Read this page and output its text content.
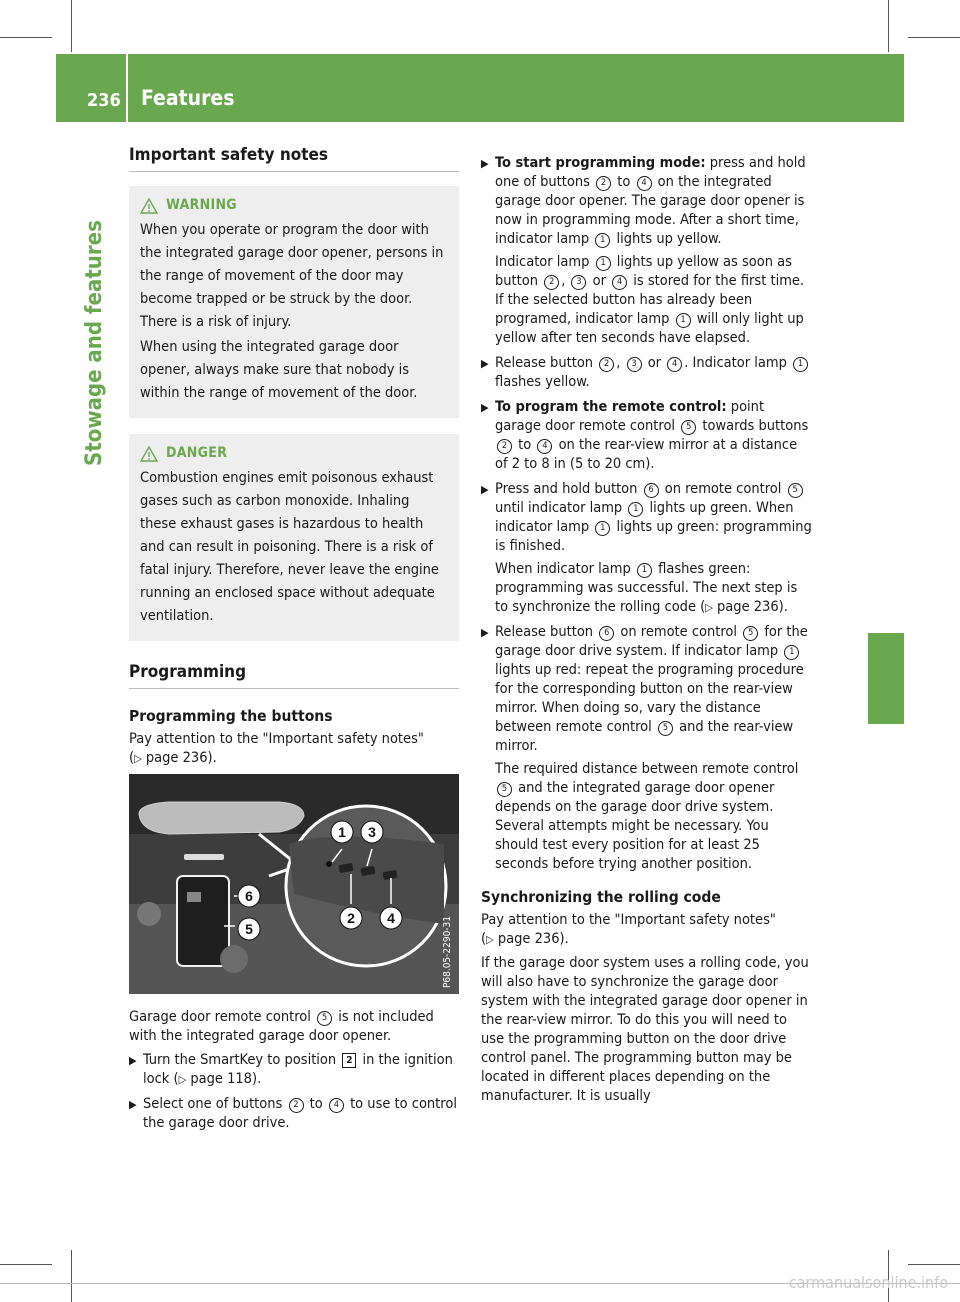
236 Features
Stowage and features
Important safety notes
WARNING

When you operate or program the door with the integrated garage door opener, persons in the range of movement of the door may become trapped or be struck by the door. There is a risk of injury.

When using the integrated garage door opener, always make sure that nobody is within the range of movement of the door.

DANGER

Combustion engines emit poisonous exhaust gases such as carbon monoxide. Inhaling these exhaust gases is hazardous to health and can result in poisoning. There is a risk of fatal injury. Therefore, never leave the engine running an enclosed space without adequate ventilation.

Programming
Programming the buttons

Pay attention to the "Important safety notes"
(▷ page 236).

1 3
2 4
6
5	P68.05-2290-31

Garage door remote control 5 is not included with the integrated garage door opener.

▶ Turn the SmartKey to position 2 in the ignition lock (▷ page 118).
▶ Select one of buttons 2 to 4 to use to control the garage door drive.
▶ To start programming mode: press and hold one of buttons 2 to 4 on the integrated garage door opener. The garage door opener is now in programming mode. After a short time, indicator lamp 1 lights up yellow.
Indicator lamp 1 lights up yellow as soon as button 2 , 3 or 4 is stored for the first time. If the selected button has already been programed, indicator lamp 1 will only light up yellow after ten seconds have elapsed.
▶ Release button 2 , 3 or 4 . Indicator lamp 1 flashes yellow.
▶ To program the remote control: point garage door remote control 5 towards buttons 2 to 4 on the rear-view mirror at a distance of 2 to 8 in (5 to 20 cm).
▶ Press and hold button 6 on remote control 5 until indicator lamp 1 lights up green. When indicator lamp 1 lights up green: programming is finished.
When indicator lamp 1 flashes green: programming was successful. The next step is to synchronize the rolling code (▷ page 236).
▶ Release button 6 on remote control 5 for the garage door drive system. If indicator lamp 1 lights up red: repeat the programing procedure for the corresponding button on the rear-view mirror. When doing so, vary the distance between remote control 5 and the rear-view mirror.
The required distance between remote control 5 and the integrated garage door opener depends on the garage door drive system. Several attempts might be necessary. You should test every position for at least 25 seconds before trying another position.
Synchronizing the rolling code

Pay attention to the "Important safety notes"
(▷ page 236).

If the garage door system uses a rolling code, you will also have to synchronize the garage door system with the integrated garage door opener in the rear-view mirror. To do this you will need to use the programming button on the door drive control panel. The programming button may be located in different places depending on the manufacturer. It is usually

carmanualsonline.info
